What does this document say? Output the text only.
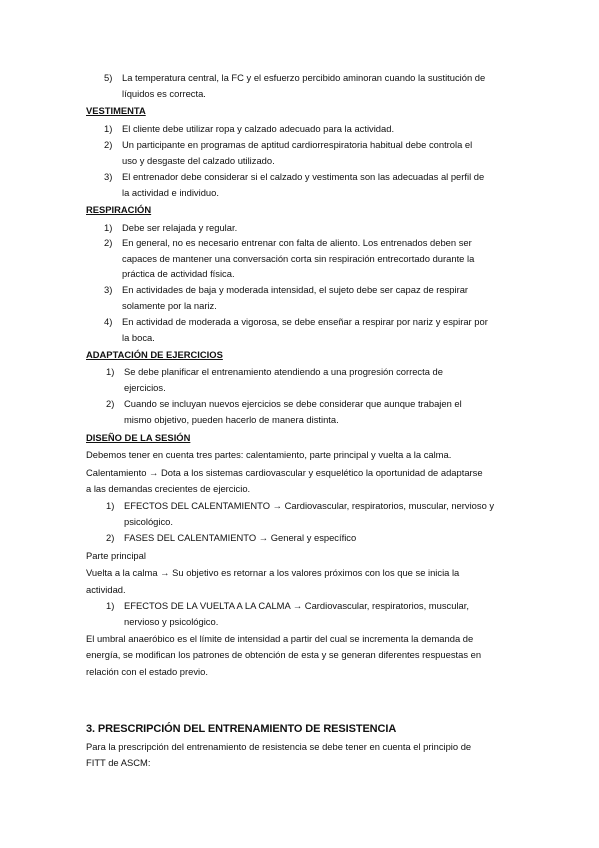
5) La temperatura central, la FC y el esfuerzo percibido aminoran cuando la sustitución de
líquidos es correcta.
VESTIMENTA
1) El cliente debe utilizar ropa y calzado adecuado para la actividad.
2) Un participante en programas de aptitud cardiorrespiratoria habitual debe controla el
uso y desgaste del calzado utilizado.
3) El entrenador debe considerar si el calzado y vestimenta son las adecuadas al perfil de
la actividad e individuo.
RESPIRACIÓN
1) Debe ser relajada y regular.
2) En general, no es necesario entrenar con falta de aliento. Los entrenados deben ser
capaces de mantener una conversación corta sin respiración entrecortado durante la
práctica de actividad física.
3) En actividades de baja y moderada intensidad, el sujeto debe ser capaz de respirar
solamente por la nariz.
4) En actividad de moderada a vigorosa, se debe enseñar a respirar por nariz y espirar por
la boca.
ADAPTACIÓN DE EJERCICIOS
1) Se debe planificar el entrenamiento atendiendo a una progresión correcta de
ejercicios.
2) Cuando se incluyan nuevos ejercicios se debe considerar que aunque trabajen el
mismo objetivo, pueden hacerlo de manera distinta.
DISEÑO DE LA SESIÓN
Debemos tener en cuenta tres partes: calentamiento, parte principal y vuelta a la calma.
Calentamiento → Dota a los sistemas cardiovascular y esquelético la oportunidad de adaptarse
a las demandas crecientes de ejercicio.
1) EFECTOS DEL CALENTAMIENTO → Cardiovascular, respiratorios, muscular, nervioso y
psicológico.
2) FASES DEL CALENTAMIENTO → General y específico
Parte principal
Vuelta a la calma → Su objetivo es retornar a los valores próximos con los que se inicia la
actividad.
1) EFECTOS DE LA VUELTA A LA CALMA → Cardiovascular, respiratorios, muscular,
nervioso y psicológico.
El umbral anaeróbico es el límite de intensidad a partir del cual se incrementa la demanda de
energía, se modifican los patrones de obtención de esta y se generan diferentes respuestas en
relación con el estado previo.
3. PRESCRIPCIÓN DEL ENTRENAMIENTO DE RESISTENCIA
Para la prescripción del entrenamiento de resistencia se debe tener en cuenta el principio de
FITT de ASCM:
